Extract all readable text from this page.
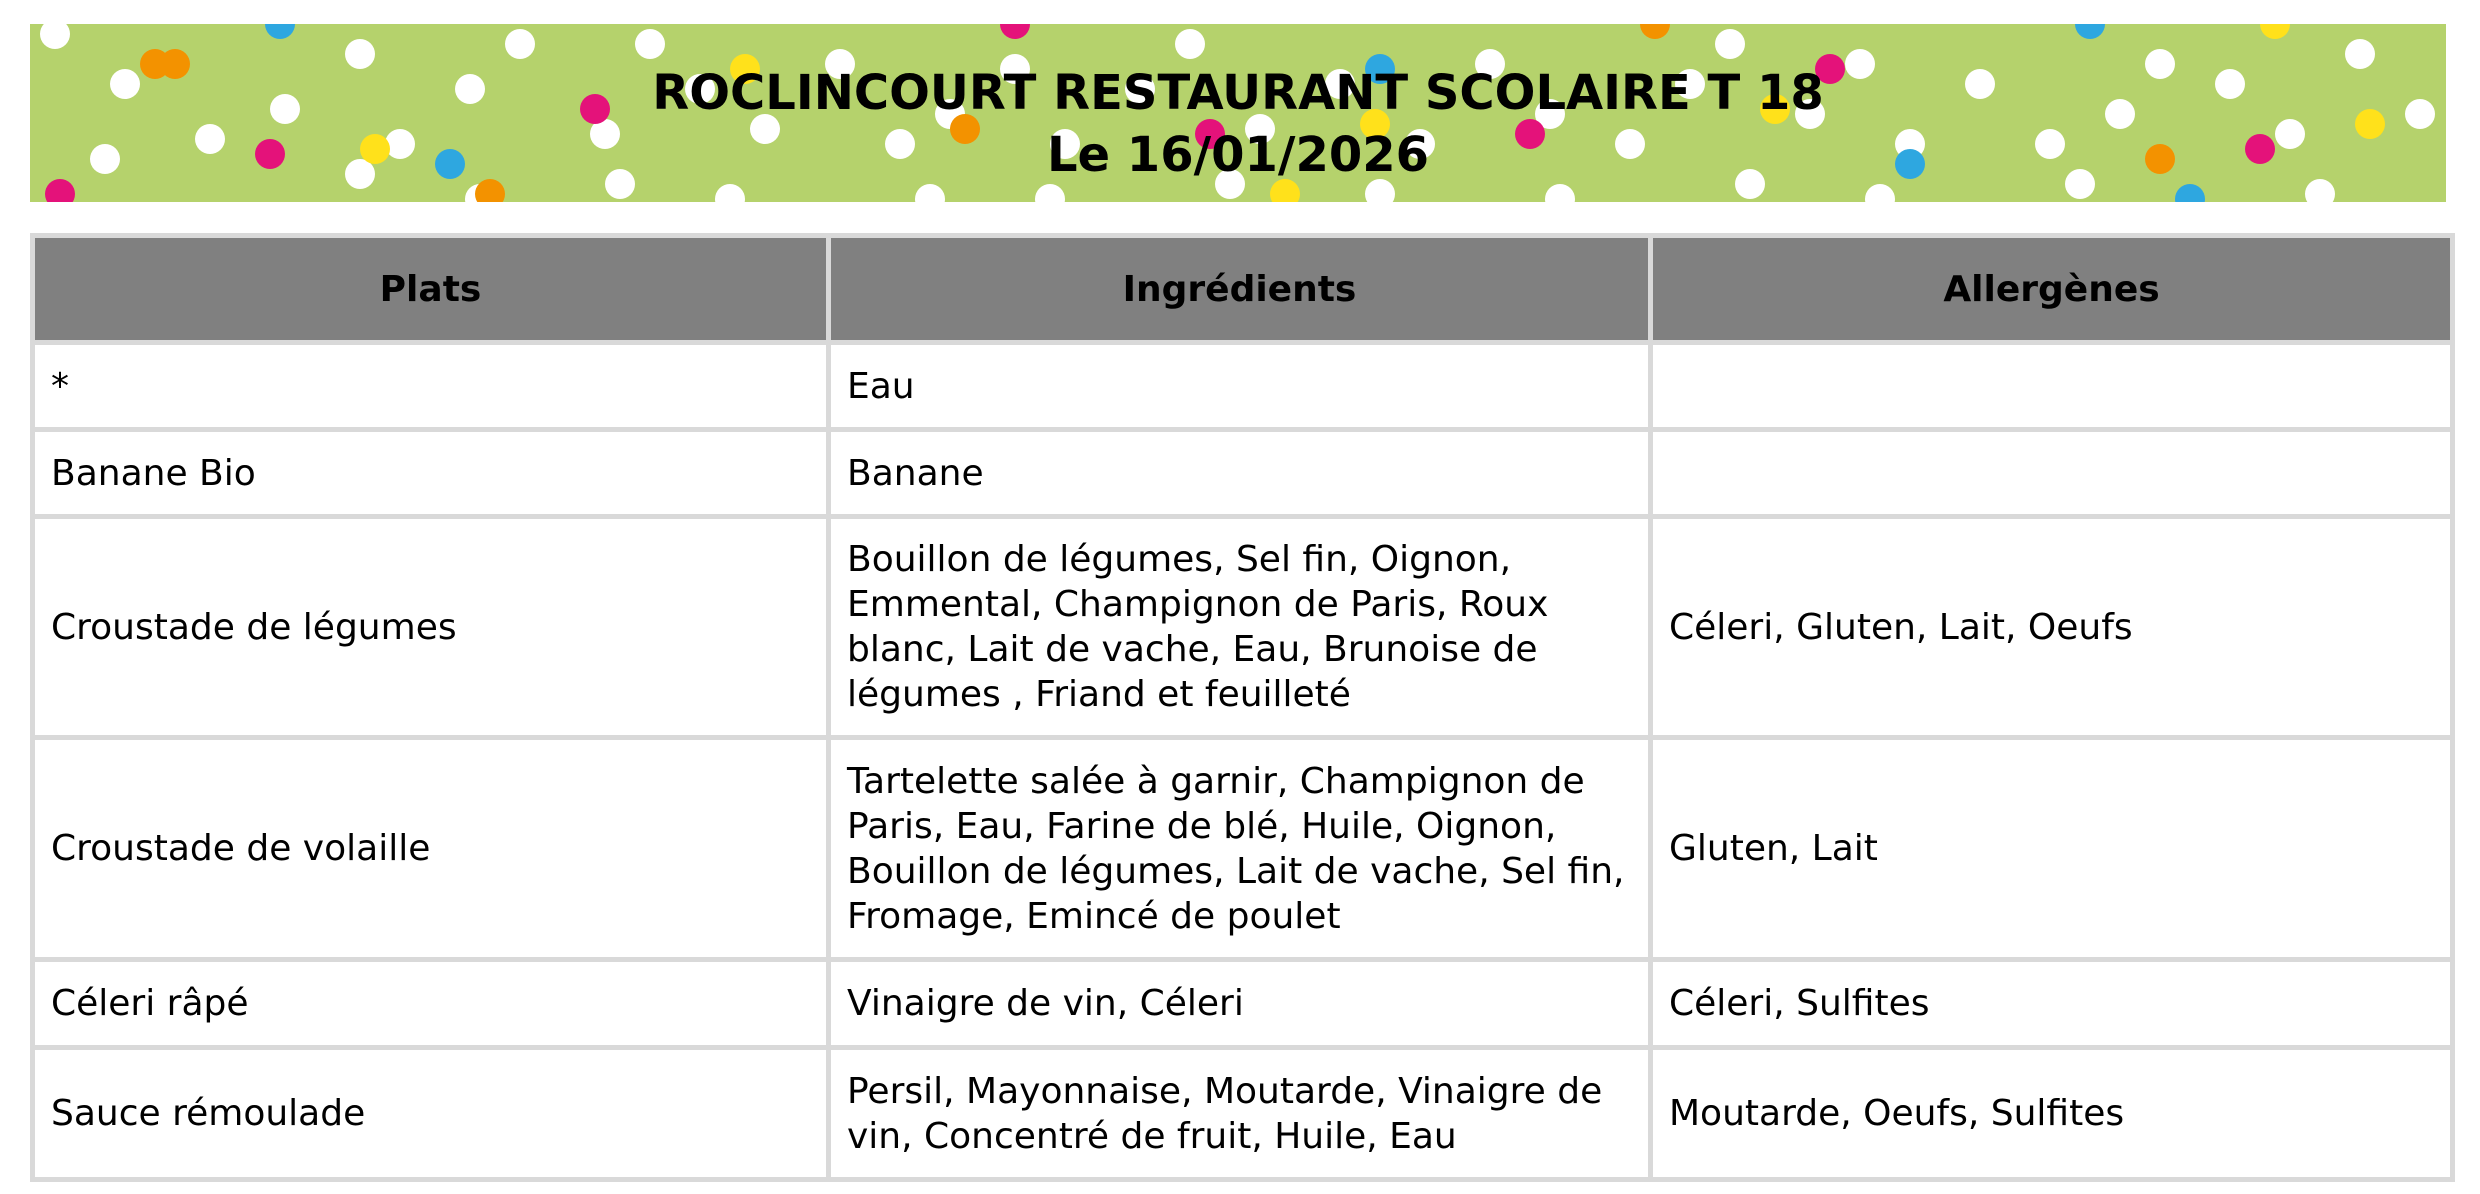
ROCLINCOURT RESTAURANT SCOLAIRE T 18
Le 16/01/2026
Plats	Ingrédients	Allergènes
*	Eau	
Banane Bio	Banane	
Croustade de légumes	Bouillon de légumes, Sel fin, Oignon, Emmental, Champignon de Paris, Roux blanc, Lait de vache, Eau, Brunoise de légumes , Friand et feuilleté	Céleri, Gluten, Lait, Oeufs
Croustade de volaille	Tartelette salée à garnir, Champignon de Paris, Eau, Farine de blé, Huile, Oignon, Bouillon de légumes, Lait de vache, Sel fin, Fromage, Emincé de poulet	Gluten, Lait
Céleri râpé	Vinaigre de vin, Céleri	Céleri, Sulfites
Sauce rémoulade	Persil, Mayonnaise, Moutarde, Vinaigre de vin, Concentré de fruit, Huile, Eau	Moutarde, Oeufs, Sulfites
